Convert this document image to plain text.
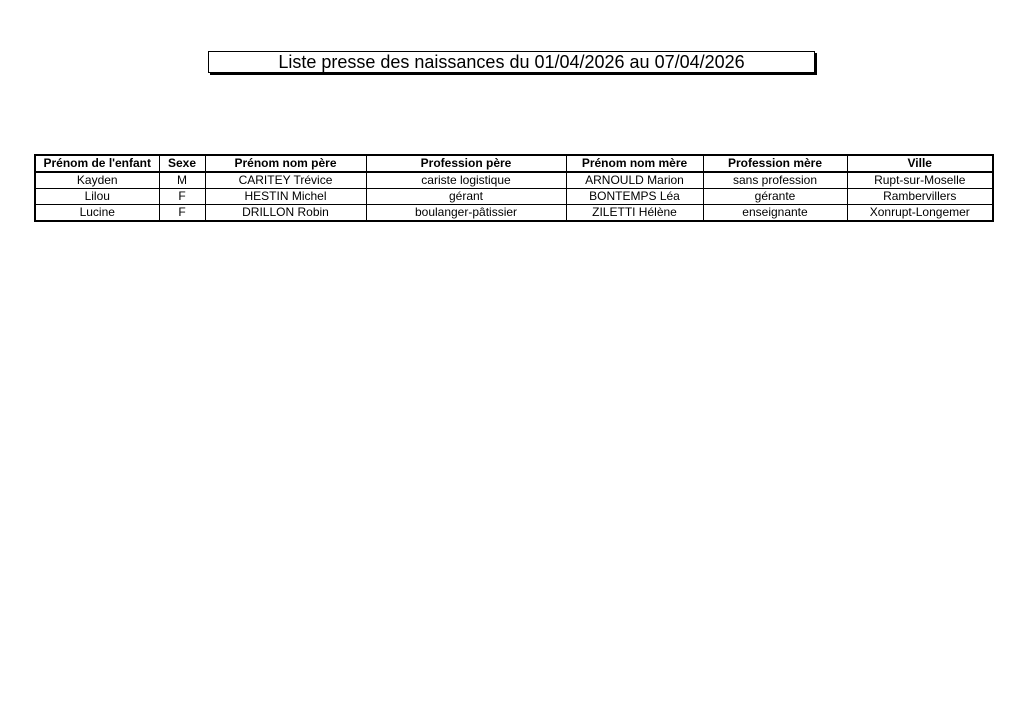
Liste presse des naissances du 01/04/2026 au 07/04/2026
Prénom de l'enfant	Sexe	Prénom nom père	Profession père	Prénom nom mère	Profession mère	Ville
Kayden	M	CARITEY Trévice	cariste logistique	ARNOULD Marion	sans profession	Rupt-sur-Moselle
Lilou	F	HESTIN Michel	gérant	BONTEMPS Léa	gérante	Rambervillers
Lucine	F	DRILLON Robin	boulanger-pâtissier	ZILETTI Hélène	enseignante	Xonrupt-Longemer
